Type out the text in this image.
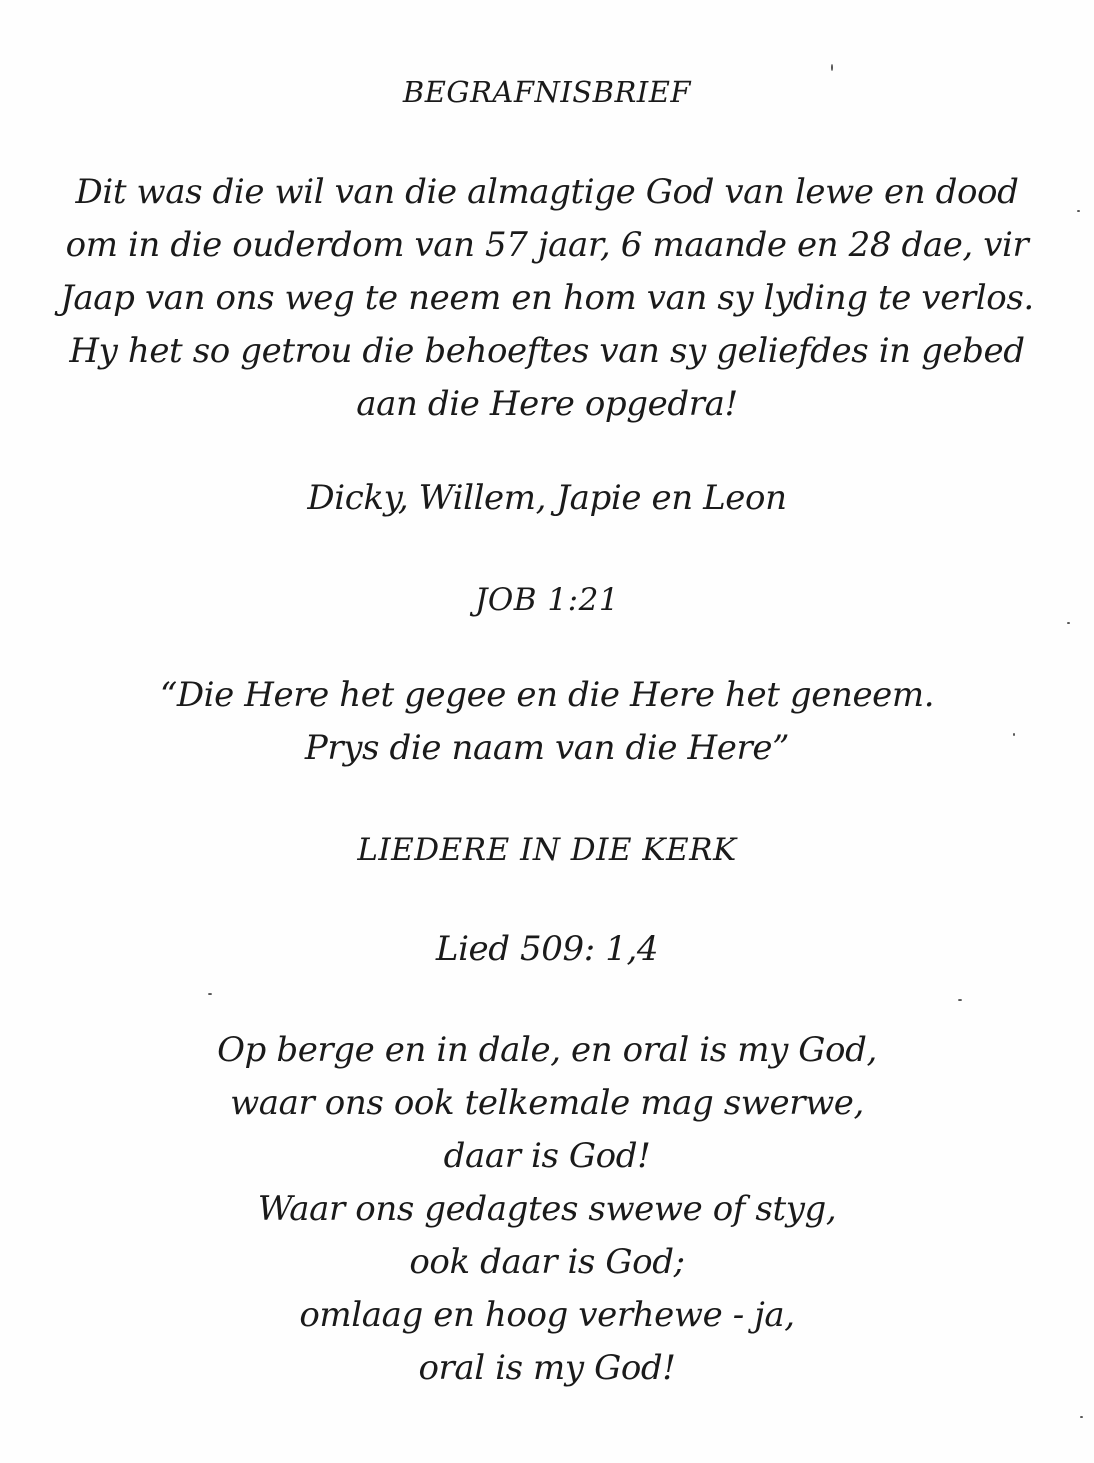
BEGRAFNISBRIEF
Dit was die wil van die almagtige God van lewe en dood
om in die ouderdom van 57 jaar, 6 maande en 28 dae, vir
Jaap van ons weg te neem en hom van sy lyding te verlos.
Hy het so getrou die behoeftes van sy geliefdes in gebed
aan die Here opgedra!
Dicky, Willem, Japie en Leon
JOB 1:21
“Die Here het gegee en die Here het geneem.
Prys die naam van die Here”
LIEDERE IN DIE KERK
Lied 509: 1,4
Op berge en in dale, en oral is my God,
waar ons ook telkemale mag swerwe,
daar is God!
Waar ons gedagtes swewe of styg,
ook daar is God;
omlaag en hoog verhewe - ja,
oral is my God!
